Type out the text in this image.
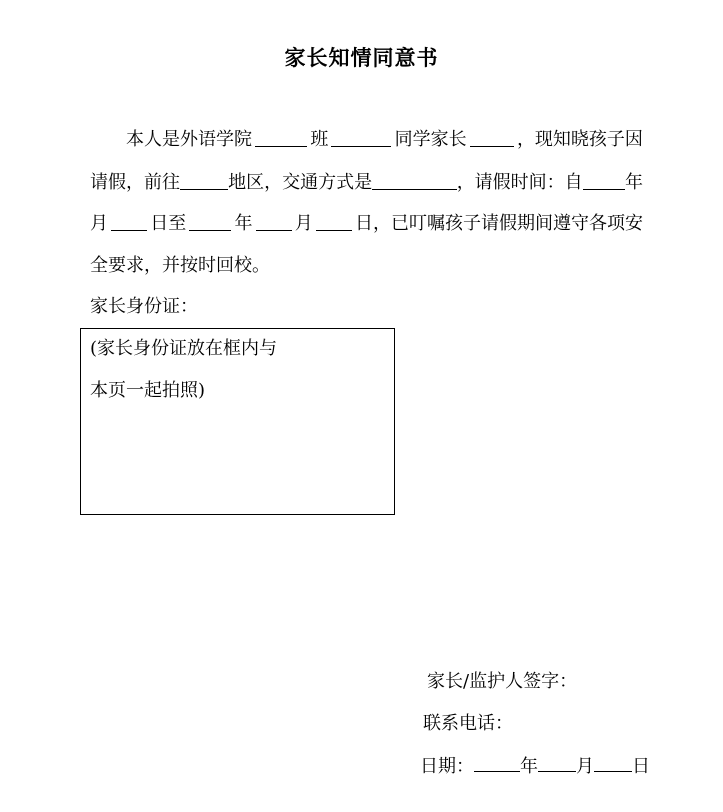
家长知情同意书
本人是外语学院	班	同学家长	，现知晓孩子因
请假，前往	地区，交通方式是	，请假时间：自 年
月 日至	年 月 日，已叮嘱孩子请假期间遵守各项安
全要求，并按时回校。
家长身份证：
(家长身份证放在框内与
本页一起拍照)
家长/监护人签字：
联系电话：
日期：	年 月 日
